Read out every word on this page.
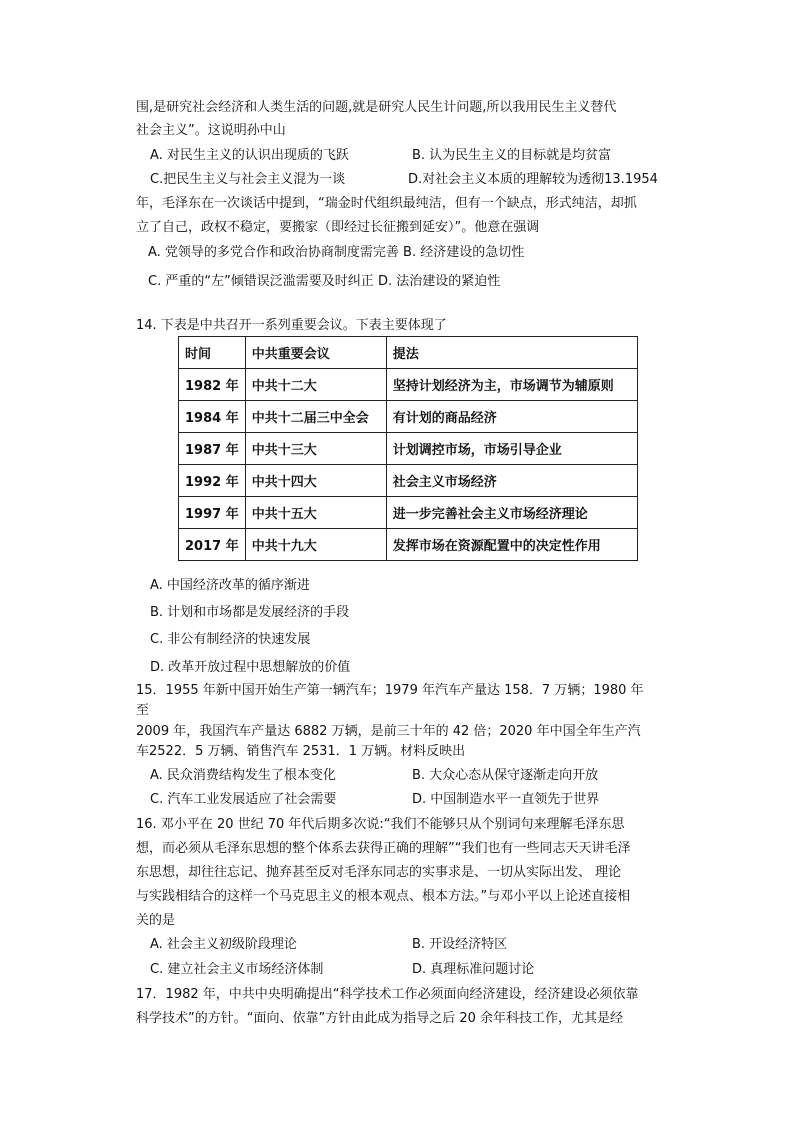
围,是研究社会经济和人类生活的问题,就是研究人民生计问题,所以我用民生主义替代
社会主义”。这说明孙中山
A. 对民生主义的认识出现质的飞跃	B. 认为民生主义的目标就是均贫富
C.把民生主义与社会主义混为一谈	D.对社会主义本质的理解较为透彻13.1954
年，毛泽东在一次谈话中提到，“瑞金时代组织最纯洁，但有一个缺点，形式纯洁，却抓
立了自己，政权不稳定，要搬家（即经过长征搬到延安）”。他意在强调
A. 党领导的多党合作和政治协商制度需完善 B. 经济建设的急切性
C. 严重的“左”倾错误泛滥需要及时纠正 D. 法治建设的紧迫性
14. 下表是中共召开一系列重要会议。下表主要体现了
时间	中共重要会议	提法
1982 年	中共十二大	坚持计划经济为主，市场调节为辅原则
1984 年	中共十二届三中全会	有计划的商品经济
1987 年	中共十三大	计划调控市场，市场引导企业
1992 年	中共十四大	社会主义市场经济
1997 年	中共十五大	进一步完善社会主义市场经济理论
2017 年	中共十九大	发挥市场在资源配置中的决定性作用
A. 中国经济改革的循序渐进
B. 计划和市场都是发展经济的手段
C. 非公有制经济的快速发展
D. 改革开放过程中思想解放的价值
15．1955 年新中国开始生产第一辆汽车；1979 年汽车产量达 158．7 万辆；1980 年
至
2009 年，我国汽车产量达 6882 万辆，是前三十年的 42 倍；2020 年中国全年生产汽
车2522．5 万辆、销售汽车 2531．1 万辆。材料反映出
A. 民众消费结构发生了根本变化	B. 大众心态从保守逐渐走向开放
C. 汽车工业发展适应了社会需要	D. 中国制造水平一直领先于世界
16. 邓小平在 20 世纪 70 年代后期多次说:“我们不能够只从个别词句来理解毛泽东思
想，而必须从毛泽东思想的整个体系去获得正确的理解”“我们也有一些同志天天讲毛泽
东思想，却往往忘记、抛弃甚至反对毛泽东同志的实事求是、一切从实际出发、 理论
与实践相结合的这样一个马克思主义的根本观点、根本方法。”与邓小平以上论述直接相
关的是
A. 社会主义初级阶段理论	B. 开设经济特区
C. 建立社会主义市场经济体制	D. 真理标准问题讨论
17．1982 年，中共中央明确提出“科学技术工作必须面向经济建设，经济建设必须依靠
科学技术”的方针。“面向、依靠”方针由此成为指导之后 20 余年科技工作，尤其是经
